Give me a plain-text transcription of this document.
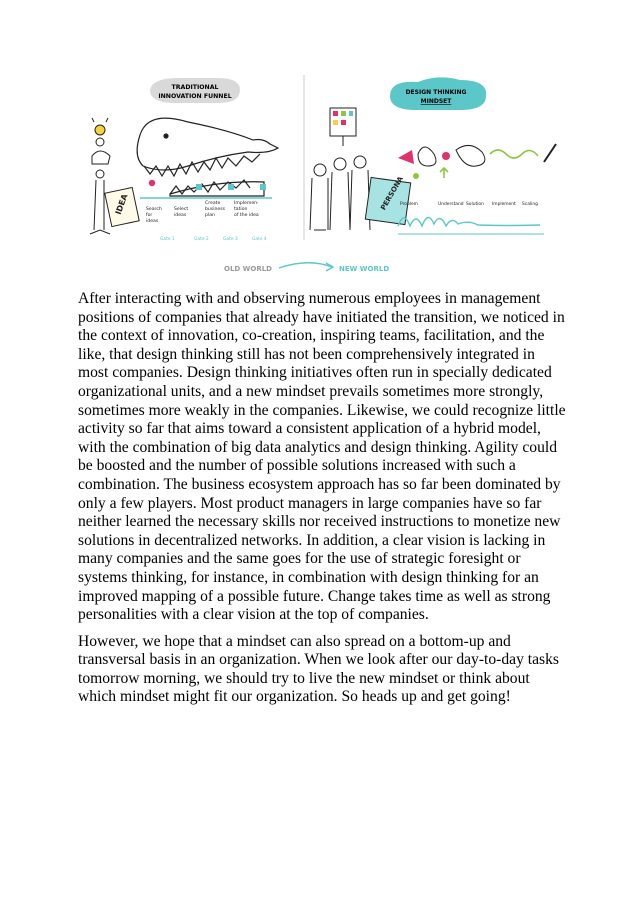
TRADITIONAL
INNOVATION FUNNEL
DESIGN THINKING
MINDSET
Search
for
ideas
Select
ideas
Create
business
plan
Implemen-
tation
of the idea
Gate 1	Gate 2	Gate 3	Gate 4
IDEA	PERSONA
Problem	Understand Solution Implement Scaling
OLD WORLD	NEW WORLD

After interacting with and observing numerous employees in management positions of companies that already have initiated the transition, we noticed in the context of innovation, co-creation, inspiring teams, facilitation, and the like, that design thinking still has not been comprehensively integrated in most companies. Design thinking initiatives often run in specially dedicated organizational units, and a new mindset prevails sometimes more strongly, sometimes more weakly in the companies. Likewise, we could recognize little activity so far that aims toward a consistent application of a hybrid model, with the combination of big data analytics and design thinking. Agility could be boosted and the number of possible solutions increased with such a combination. The business ecosystem approach has so far been dominated by only a few players. Most product managers in large companies have so far neither learned the necessary skills nor received instructions to monetize new solutions in decentralized networks. In addition, a clear vision is lacking in many companies and the same goes for the use of strategic foresight or systems thinking, for instance, in combination with design thinking for an improved mapping of a possible future. Change takes time as well as strong personalities with a clear vision at the top of companies.

However, we hope that a mindset can also spread on a bottom-up and transversal basis in an organization. When we look after our day-to-day tasks tomorrow morning, we should try to live the new mindset or think about which mindset might fit our organization. So heads up and get going!
